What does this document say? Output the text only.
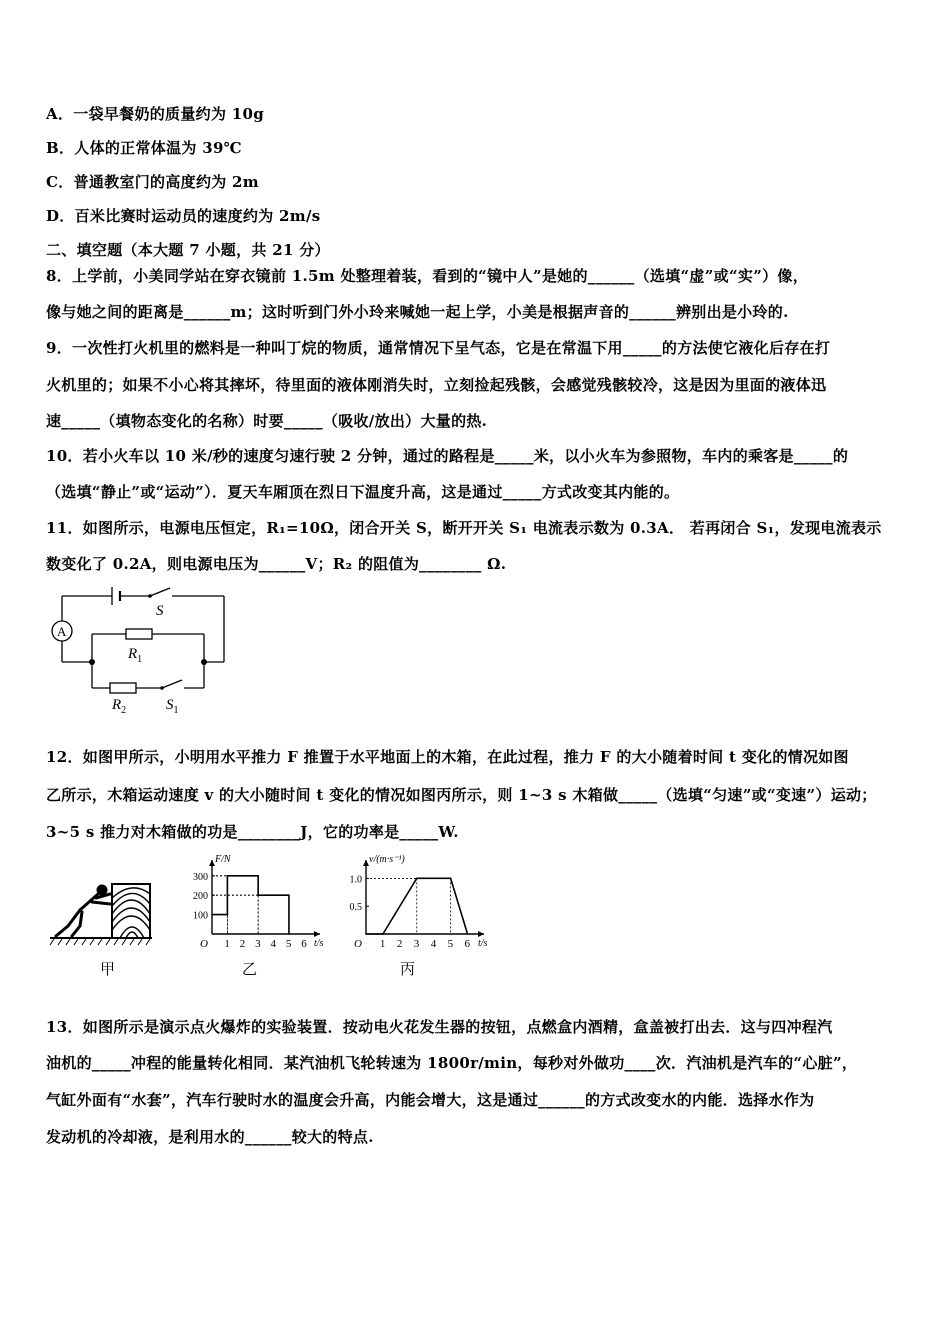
A．一袋早餐奶的质量约为 10g
B．人体的正常体温为 39℃
C．普通教室门的高度约为 2m
D．百米比赛时运动员的速度约为 2m/s
二、填空题（本大题 7 小题，共 21 分）
8．上学前，小美同学站在穿衣镜前 1.5m 处整理着装，看到的“镜中人”是她的______（选填“虚”或“实”）像，
像与她之间的距离是______m；这时听到门外小玲来喊她一起上学，小美是根据声音的______辨别出是小玲的.
9．一次性打火机里的燃料是一种叫丁烷的物质，通常情况下呈气态，它是在常温下用_____的方法使它液化后存在打
火机里的；如果不小心将其摔坏，待里面的液体刚消失时，立刻捡起残骸，会感觉残骸较冷，这是因为里面的液体迅
速_____（填物态变化的名称）时要_____（吸收/放出）大量的热.
10．若小火车以 10 米/秒的速度匀速行驶 2 分钟，通过的路程是_____米，以小火车为参照物，车内的乘客是_____的
（选填“静止”或“运动”）．夏天车厢顶在烈日下温度升高，这是通过_____方式改变其内能的。
11．如图所示，电源电压恒定，R₁=10Ω，闭合开关 S，断开开关 S₁ 电流表示数为 0.3A． 若再闭合 S₁，发现电流表示
数变化了 0.2A，则电源电压为______V；R₂ 的阻值为________ Ω.
A
S
$R_1$
$R_2$	$S_1$
12．如图甲所示，小明用水平推力 F 推置于水平地面上的木箱，在此过程，推力 F 的大小随着时间 t 变化的情况如图
乙所示，木箱运动速度 v 的大小随时间 t 变化的情况如图丙所示，则 1~3 s 木箱做_____（选填“匀速”或“变速”）运动；
3~5 s 推力对木箱做的功是________J，它的功率是_____W.
F/N
t/s
O 1 2 3 4 5 6
100
200
300
v/(m·s⁻¹)
t/s
O 1 2 3 4 5 6
0.5
1.0
甲	乙	丙
13．如图所示是演示点火爆炸的实验装置．按动电火花发生器的按钮，点燃盒内酒精，盒盖被打出去．这与四冲程汽
油机的_____冲程的能量转化相同．某汽油机飞轮转速为 1800r/min，每秒对外做功____次．汽油机是汽车的“心脏”，
气缸外面有“水套”，汽车行驶时水的温度会升高，内能会增大，这是通过______的方式改变水的内能．选择水作为
发动机的冷却液，是利用水的______较大的特点.
